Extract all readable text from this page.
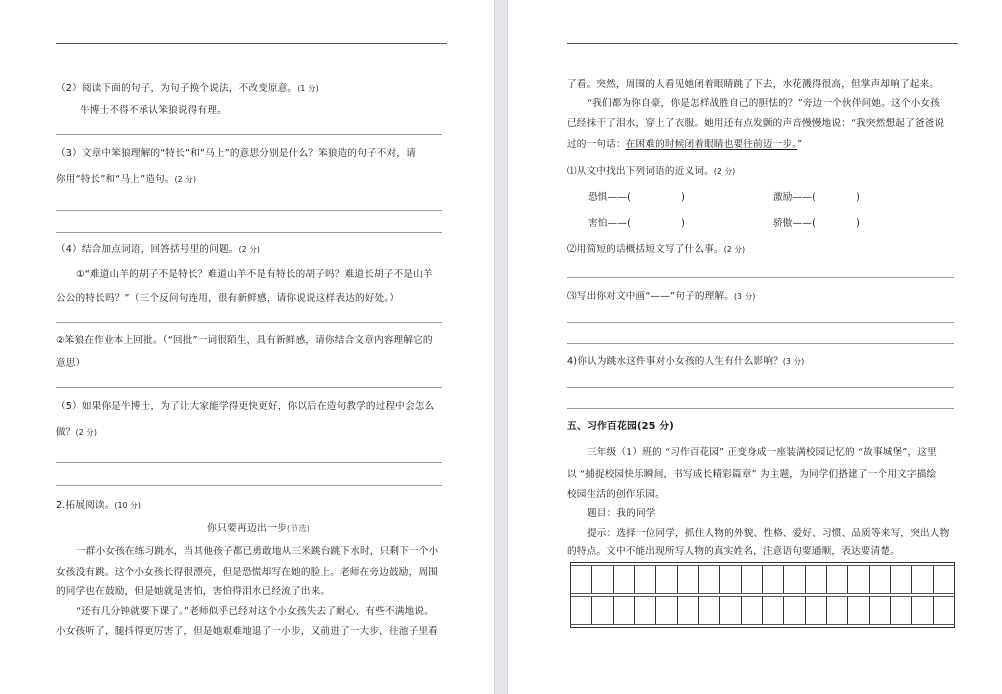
（2）阅读下面的句子，为句子换个说法，不改变原意。(1 分)
牛博士不得不承认笨狼说得有理。
（3）文章中笨狼理解的“特长”和“马上”的意思分别是什么？笨狼造的句子不对，请
你用“特长”和“马上”造句。(2 分)
（4）结合加点词语，回答括号里的问题。(2 分)
①“难道山羊的胡子不是特长？难道山羊不是有特长的胡子吗？难道长胡子不是山羊
公公的特长吗？”（三个反问句连用，很有新鲜感，请你说说这样表达的好处。）
②笨狼在作业本上回批。（“回批”一词很陌生，具有新鲜感，请你结合文章内容理解它的
意思）
（5）如果你是牛博士，为了让大家能学得更快更好，你以后在造句教学的过程中会怎么
做？(2 分)
2.拓展阅读。(10 分)
你只要再迈出一步(节选)
一群小女孩在练习跳水，当其他孩子都已勇敢地从三米跳台跳下水时，只剩下一个小
女孩没有跳。这个小女孩长得很漂亮，但是恐慌却写在她的脸上。老师在旁边鼓励，周围
的同学也在鼓励，但是她就是害怕，害怕得泪水已经流了出来。
“还有几分钟就要下课了。”老师似乎已经对这个小女孩失去了耐心，有些不满地说。
小女孩听了，腿抖得更厉害了，但是她艰难地退了一小步，又前进了一大步，往池子里看
了看。突然，周围的人看见她闭着眼睛跳了下去，水花溅得很高，但掌声却响了起来。
“我们都为你自豪，你是怎样战胜自己的胆怯的？”旁边一个伙伴问她。这个小女孩
已经抹干了泪水，穿上了衣服。她用还有点发颤的声音慢慢地说：“我突然想起了爸爸说
过的一句话：在困难的时候闭着眼睛也要往前迈一步。”
⑴从文中找出下列词语的近义词。(2 分)
恐惧——(	)	激励——(	)
害怕——(	)	骄傲——(	)
⑵用简短的话概括短文写了什么事。(2 分)
⑶写出你对文中画“——”句子的理解。(3 分)
4)你认为跳水这件事对小女孩的人生有什么影响？(3 分)
五、习作百花园(25 分)
三年级（1）班的 “习作百花园” 正变身成一座装满校园记忆的 “故事城堡”，这里
以 “捕捉校园快乐瞬间，书写成长精彩篇章” 为主题，为同学们搭建了一个用文字描绘
校园生活的创作乐园。
题目：我的同学
提示：选择一位同学，抓住人物的外貌、性格、爱好、习惯、品质等来写，突出人物
的特点。文中不能出现所写人物的真实姓名，注意语句要通顺，表达要清楚。
